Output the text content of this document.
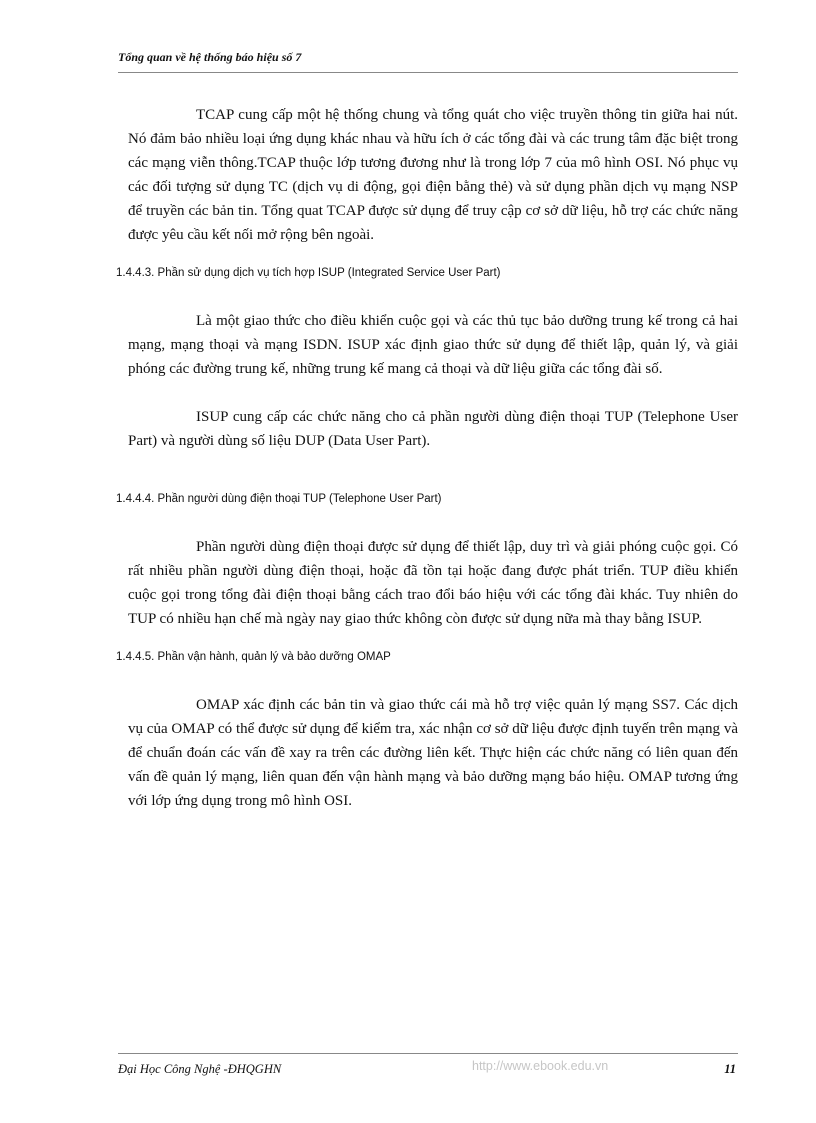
Tổng quan về hệ thống báo hiệu số 7

TCAP cung cấp một hệ thống chung và tổng quát cho việc truyền thông tin giữa hai nút. Nó đảm bảo nhiều loại ứng dụng khác nhau và hữu ích ở các tổng đài và các trung tâm đặc biệt trong các mạng viễn thông.TCAP thuộc lớp tương đương như là trong lớp 7 của mô hình OSI. Nó phục vụ các đối tượng sử dụng TC (dịch vụ di động, gọi điện bằng thẻ) và sử dụng phần dịch vụ mạng NSP để truyền các bản tin. Tổng quat TCAP được sử dụng để truy cập cơ sở dữ liệu, hỗ trợ các chức năng được yêu cầu kết nối mở rộng bên ngoài.

1.4.4.3. Phần sử dụng dịch vụ tích hợp ISUP (Integrated Service User Part)

Là một giao thức cho điều khiển cuộc gọi và các thủ tục bảo dưỡng trung kế trong cả hai mạng, mạng thoại và mạng ISDN. ISUP xác định giao thức sử dụng để thiết lập, quản lý, và giải phóng các đường trung kế, những trung kế mang cả thoại và dữ liệu giữa các tổng đài số.

ISUP cung cấp các chức năng cho cả phần người dùng điện thoại TUP (Telephone User Part) và người dùng số liệu DUP (Data User Part).

1.4.4.4. Phần người dùng điện thoại TUP (Telephone User Part)

Phần người dùng điện thoại được sử dụng để thiết lập, duy trì và giải phóng cuộc gọi. Có rất nhiều phần người dùng điện thoại, hoặc đã tồn tại hoặc đang được phát triển. TUP điều khiển cuộc gọi trong tổng đài điện thoại bằng cách trao đổi báo hiệu với các tổng đài khác. Tuy nhiên do TUP có nhiều hạn chế mà ngày nay giao thức không còn được sử dụng nữa mà thay bằng ISUP.

1.4.4.5. Phần vận hành, quản lý và bảo dưỡng OMAP

OMAP xác định các bản tin và giao thức cái mà hỗ trợ việc quản lý mạng SS7. Các dịch vụ của OMAP có thể được sử dụng để kiểm tra, xác nhận cơ sở dữ liệu được định tuyến trên mạng và để chuẩn đoán các vấn đề xay ra trên các đường liên kết. Thực hiện các chức năng có liên quan đến vấn đề quản lý mạng, liên quan đến vận hành mạng và bảo dưỡng mạng báo hiệu. OMAP tương ứng với lớp ứng dụng trong mô hình OSI.

Đại Học Công Nghệ -ĐHQGHN	http://www.ebook.edu.vn	11
